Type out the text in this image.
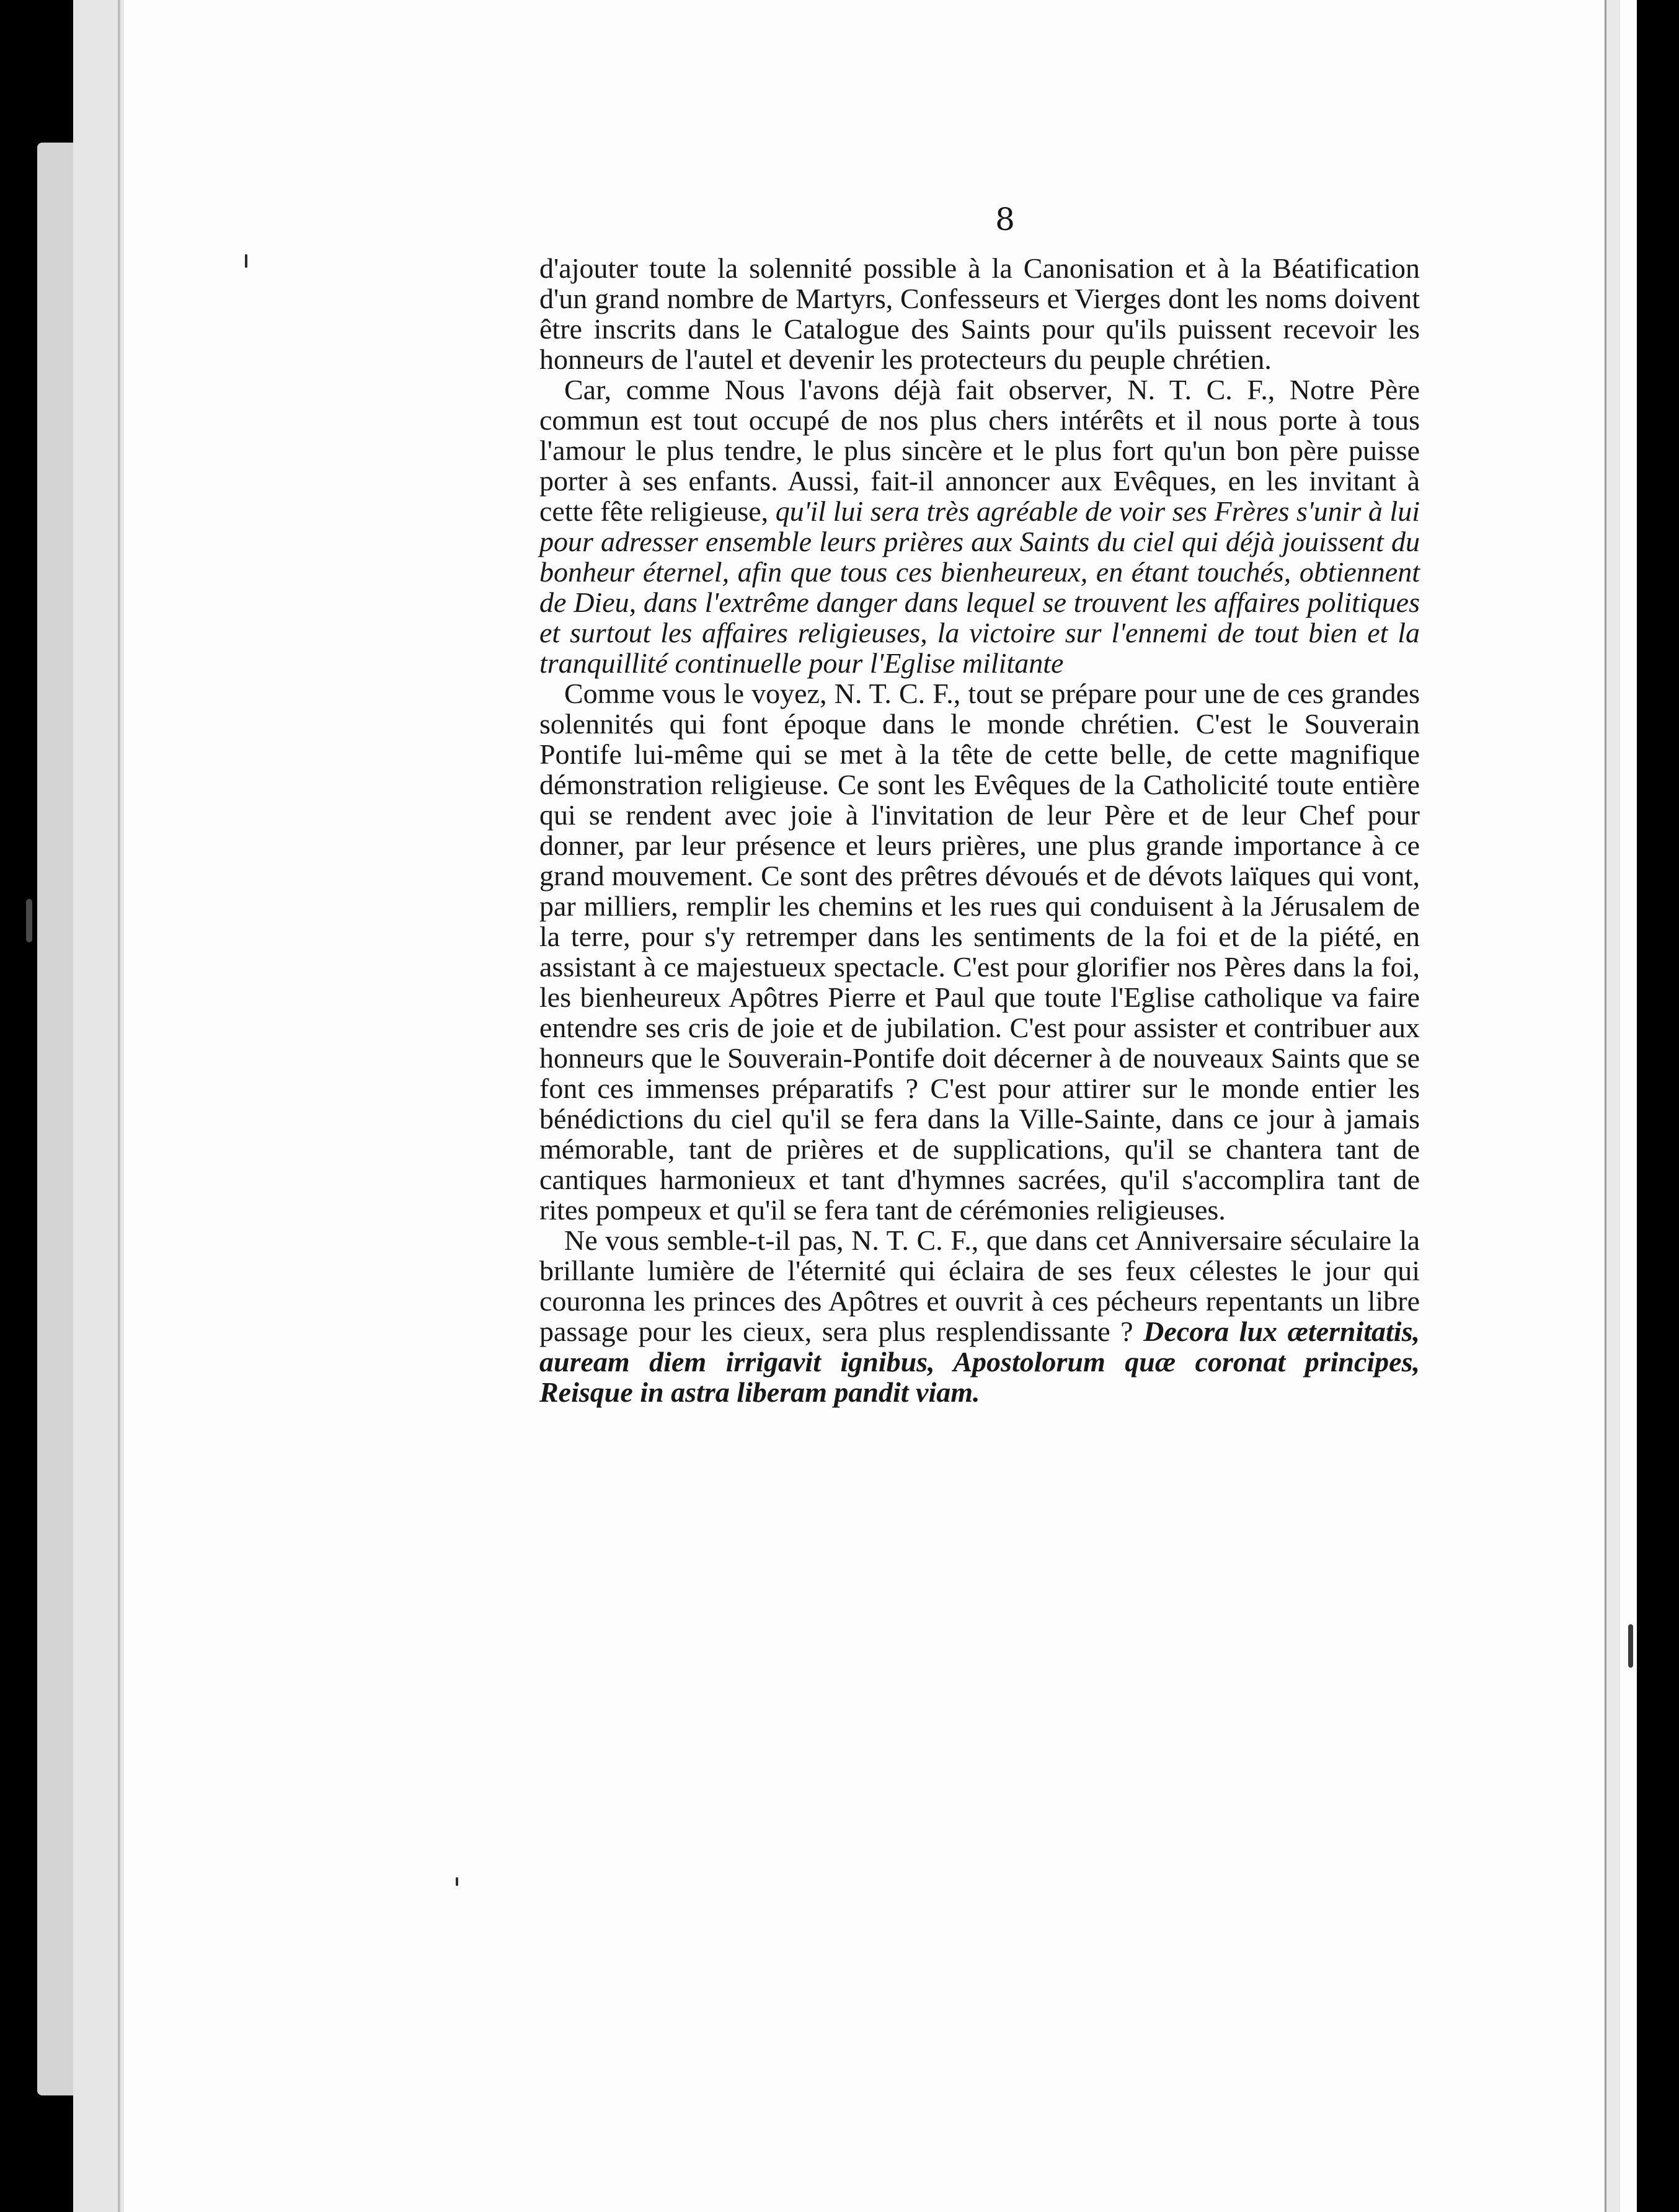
8

d'ajouter toute la solennité possible à la Canonisation et à la Béatification d'un grand nombre de Martyrs, Confesseurs et Vierges dont les noms doivent être inscrits dans le Catalogue des Saints pour qu'ils puissent recevoir les honneurs de l'autel et devenir les protecteurs du peuple chrétien.

Car, comme Nous l'avons déjà fait observer, N. T. C. F., Notre Père commun est tout occupé de nos plus chers intérêts et il nous porte à tous l'amour le plus tendre, le plus sincère et le plus fort qu'un bon père puisse porter à ses enfants. Aussi, fait-il annoncer aux Evêques, en les invitant à cette fête religieuse, qu'il lui sera très agréable de voir ses Frères s'unir à lui pour adresser ensemble leurs prières aux Saints du ciel qui déjà jouissent du bonheur éternel, afin que tous ces bienheureux, en étant touchés, obtiennent de Dieu, dans l'extrême danger dans lequel se trouvent les affaires politiques et surtout les affaires religieuses, la victoire sur l'ennemi de tout bien et la tranquillité continuelle pour l'Eglise militante

Comme vous le voyez, N. T. C. F., tout se prépare pour une de ces grandes solennités qui font époque dans le monde chrétien. C'est le Souverain Pontife lui-même qui se met à la tête de cette belle, de cette magnifique démonstration religieuse. Ce sont les Evêques de la Catholicité toute entière qui se rendent avec joie à l'invitation de leur Père et de leur Chef pour donner, par leur présence et leurs prières, une plus grande importance à ce grand mouvement. Ce sont des prêtres dévoués et de dévots laïques qui vont, par milliers, remplir les chemins et les rues qui conduisent à la Jérusalem de la terre, pour s'y retremper dans les sentiments de la foi et de la piété, en assistant à ce majestueux spectacle. C'est pour glorifier nos Pères dans la foi, les bienheureux Apôtres Pierre et Paul que toute l'Eglise catholique va faire entendre ses cris de joie et de jubilation. C'est pour assister et contribuer aux honneurs que le Souverain-Pontife doit décerner à de nouveaux Saints que se font ces immenses préparatifs ? C'est pour attirer sur le monde entier les bénédictions du ciel qu'il se fera dans la Ville-Sainte, dans ce jour à jamais mémorable, tant de prières et de supplications, qu'il se chantera tant de cantiques harmonieux et tant d'hymnes sacrées, qu'il s'accomplira tant de rites pompeux et qu'il se fera tant de cérémonies religieuses.

Ne vous semble-t-il pas, N. T. C. F., que dans cet Anniversaire séculaire la brillante lumière de l'éternité qui éclaira de ses feux célestes le jour qui couronna les princes des Apôtres et ouvrit à ces pécheurs repentants un libre passage pour les cieux, sera plus resplendissante ? Decora lux æternitatis, auream diem irrigavit ignibus, Apostolorum quæ coronat principes, Reisque in astra liberam pandit viam.
